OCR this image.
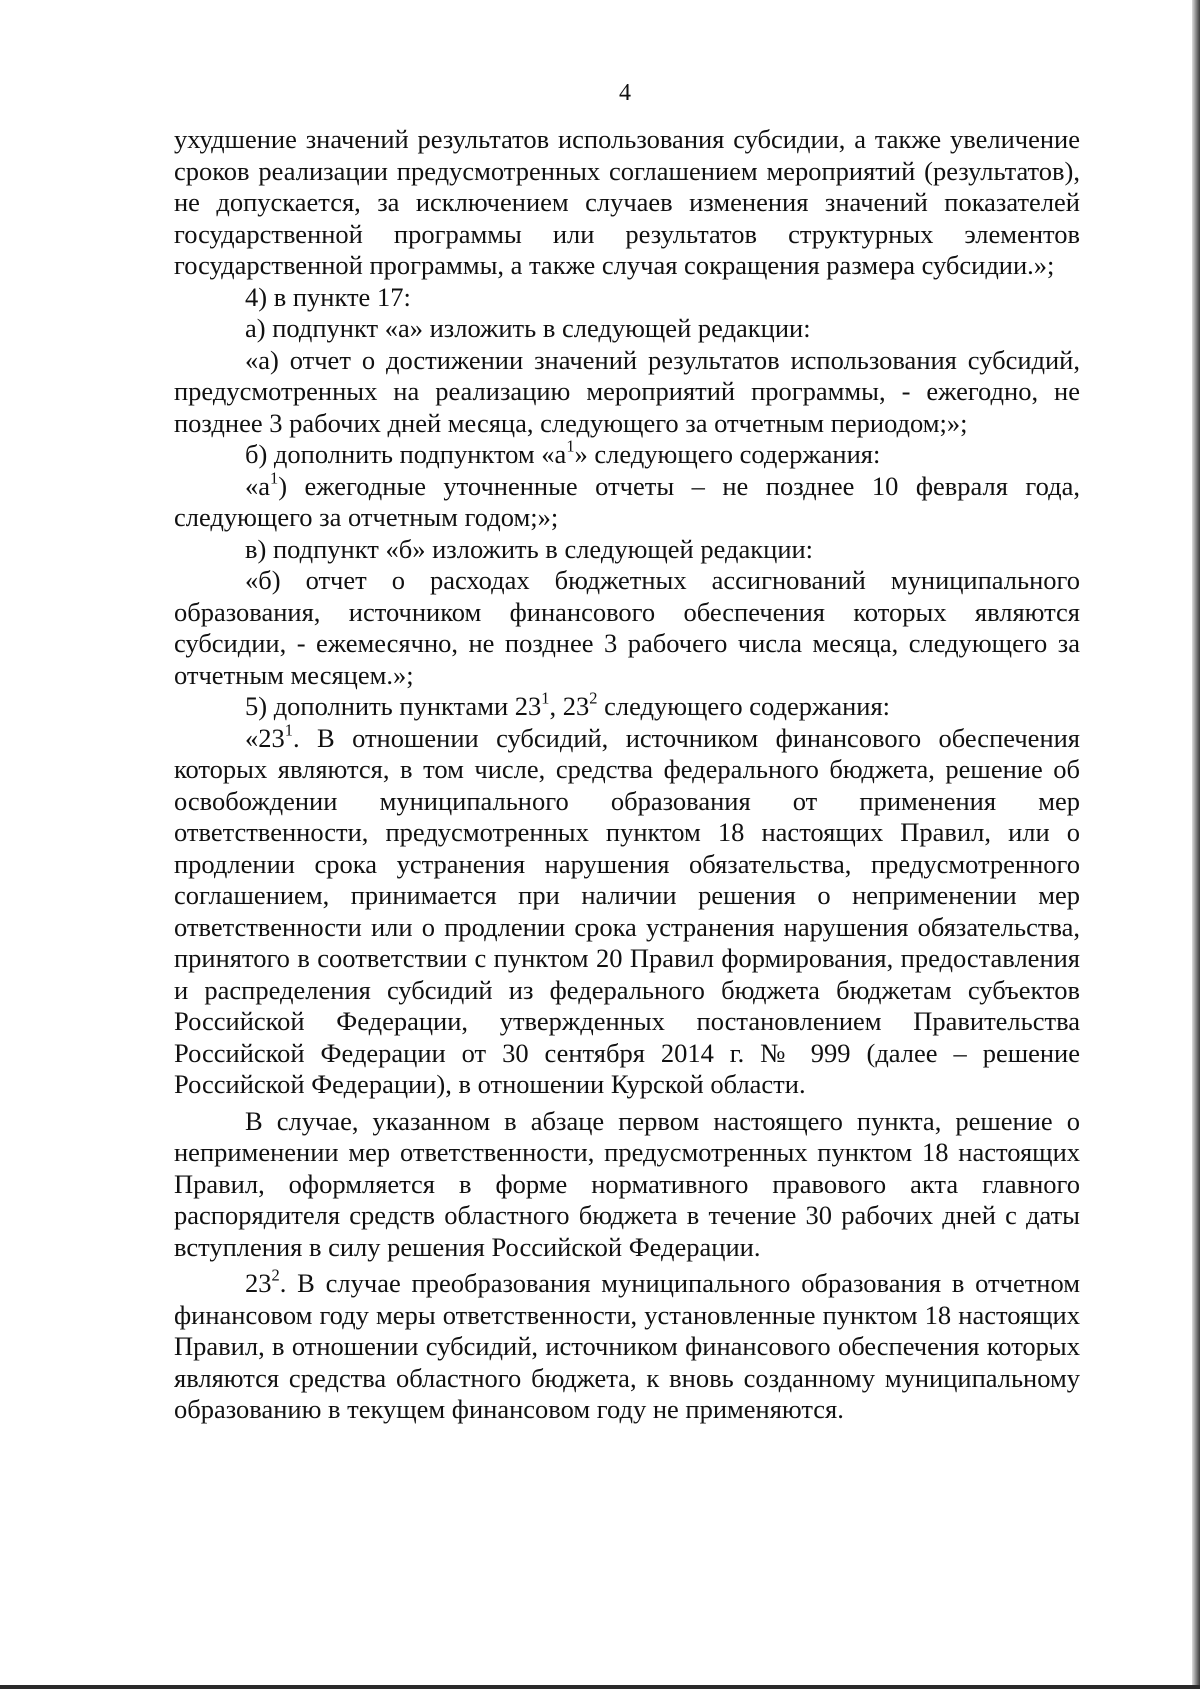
4

ухудшение значений результатов использования субсидии, а также увеличение сроков реализации предусмотренных соглашением мероприятий (результатов), не допускается, за исключением случаев изменения значений показателей государственной программы или результатов структурных элементов государственной программы, а также случая сокращения размера субсидии.»;

4) в пункте 17:

а) подпункт «а» изложить в следующей редакции:

«а) отчет о достижении значений результатов использования субсидий, предусмотренных на реализацию мероприятий программы, - ежегодно, не позднее 3 рабочих дней месяца, следующего за отчетным периодом;»;

б) дополнить подпунктом «$а^1$» следующего содержания:

«$а^1$) ежегодные уточненные отчеты – не позднее 10 февраля года, следующего за отчетным годом;»;

в) подпункт «б» изложить в следующей редакции:

«б) отчет о расходах бюджетных ассигнований муниципального образования, источником финансового обеспечения которых являются субсидии, - ежемесячно, не позднее 3 рабочего числа месяца, следующего за отчетным месяцем.»;

5) дополнить пунктами $23^1$, $23^2$ следующего содержания:

«$23^1$. В отношении субсидий, источником финансового обеспечения которых являются, в том числе, средства федерального бюджета, решение об освобождении муниципального образования от применения мер ответственности, предусмотренных пунктом 18 настоящих Правил, или о продлении срока устранения нарушения обязательства, предусмотренного соглашением, принимается при наличии решения о неприменении мер ответственности или о продлении срока устранения нарушения обязательства, принятого в соответствии с пунктом 20 Правил формирования, предоставления и распределения субсидий из федерального бюджета бюджетам субъектов Российской Федерации, утвержденных постановлением Правительства Российской Федерации от 30 сентября 2014 г. № 999 (далее – решение Российской Федерации), в отношении Курской области.

В случае, указанном в абзаце первом настоящего пункта, решение о неприменении мер ответственности, предусмотренных пунктом 18 настоящих Правил, оформляется в форме нормативного правового акта главного распорядителя средств областного бюджета в течение 30 рабочих дней с даты вступления в силу решения Российской Федерации.

$23^2$. В случае преобразования муниципального образования в отчетном финансовом году меры ответственности, установленные пунктом 18 настоящих Правил, в отношении субсидий, источником финансового обеспечения которых являются средства областного бюджета, к вновь созданному муниципальному образованию в текущем финансовом году не применяются.
